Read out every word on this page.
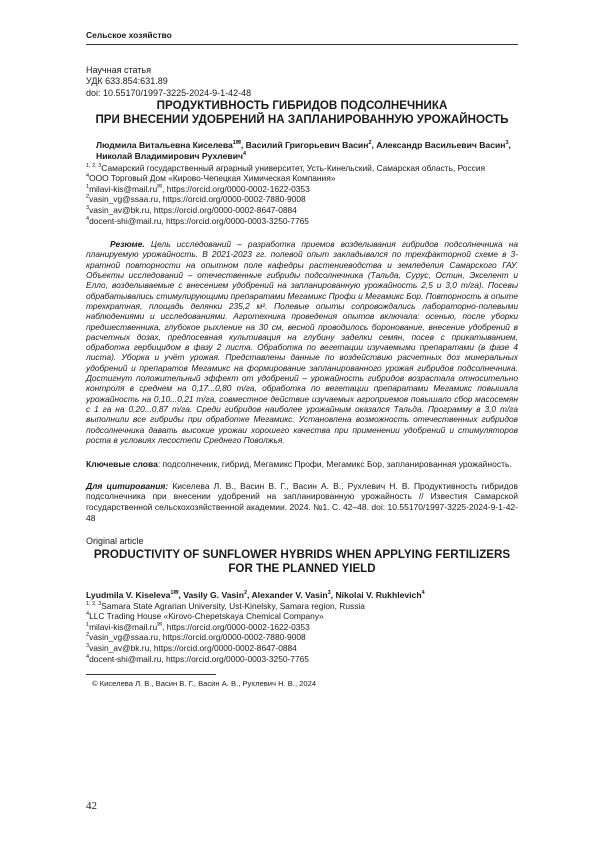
Сельское хозяйство

Научная статья

УДК 633.854:631.89

doi: 10.55170/1997-3225-2024-9-1-42-48

ПРОДУКТИВНОСТЬ ГИБРИДОВ ПОДСОЛНЕЧНИКА

ПРИ ВНЕСЕНИИ УДОБРЕНИЙ НА ЗАПЛАНИРОВАННУЮ УРОЖАЙНОСТЬ

Людмила Витальевна Киселева$^{1✉}$, Василий Григорьевич Васин$^2$, Александр Васильевич Васин$^3$, Николай Владимирович Рухлевич$^4$

$^{1, 2, 3}$Самарский государственный аграрный университет, Усть-Кинельский, Самарская область, Россия

$^4$ООО Торговый Дом «Кирово-Чепецкая Химическая Компания»

$^1$milavi-kis@mail.ru✉, https://orcid.org/0000-0002-1622-0353

$^2$vasin_vg@ssaa.ru, https://orcid.org/0000-0002-7880-9008

$^3$vasin_av@bk.ru, https://orcid.org/0000-0002-8647-0884

$^4$docent-shi@mail.ru, https://orcid.org/0000-0003-3250-7765

Резюме. Цель исследований – разработка приемов возделывания гибридов подсолнечника на планируемую урожайность. В 2021-2023 гг. полевой опыт закладывался по трехфакторной схеме в 3-кратной повторности на опытном поле кафедры растениеводства и земледелия Самарского ГАУ. Объекты исследований – отечественные гибриды подсолнечника (Тальда, Сурус, Остин, Экселент и Елло, возделываемые с внесением удобрений на запланированную урожайность 2,5 и 3,0 т/га). Посевы обрабатывались стимулирующими препаратами Мегамикс Профи и Мегамикс Бор. Повторность в опыте трехкратная, площадь делянки 235,2 м². Полевые опыты сопровождались лабораторно-полевыми наблюдениями и исследованиями. Агротехника проведения опытов включала: осенью, после уборки предшественника, глубокое рыхление на 30 см, весной проводилось боронование, внесение удобрений в расчетных дозах, предпосевная культивация на глубину заделки семян, посев с прикатыванием, обработка гербицидом в фазу 2 листа. Обработка по вегетации изучаемыми препаратами (в фазе 4 листа). Уборка и учёт урожая. Представлены данные по воздействию расчетных доз минеральных удобрений и препаратов Мегамикс на формирование запланированного урожая гибридов подсолнечника. Достигнут положительный эффект от удобрений – урожайность гибридов возрастала относительно контроля в среднем на 0,17...0,80 т/га, обработка по вегетации препаратами Мегамикс повышала урожайность на 0,10...0,21 т/га, совместное действие изучаемых агроприемов повышало сбор масосемян с 1 га на 0,20...0,87 т/га. Среди гибридов наиболее урожайным оказался Тальда. Программу в 3,0 т/га выполнили все гибриды при обработке Мегамикс. Установлена возможность отечественных гибридов подсолнечника давать высокие урожаи хорошего качества при применении удобрений и стимуляторов роста в условиях лесостепи Среднего Поволжья.

Ключевые слова: подсолнечник, гибрид, Мегамикс Профи, Мегамикс Бор, запланированная урожайность.

Для цитирования: Киселева Л. В., Васин В. Г., Васин А. В., Рухлевич Н. В. Продуктивность гибридов подсолнечника при внесении удобрений на запланированную урожайность // Известия Самарской государственной сельскохозяйственной академии. 2024. №1. С. 42–48. doi: 10.55170/1997-3225-2024-9-1-42-48

Original article

PRODUCTIVITY OF SUNFLOWER HYBRIDS WHEN APPLYING FERTILIZERS

FOR THE PLANNED YIELD

Lyudmila V. Kiseleva$^{1✉}$, Vasily G. Vasin$^2$, Alexander V. Vasin$^3$, Nikolai V. Rukhlevich$^4$

$^{1, 2, 3}$Samara State Agrarian University, Ust-Kinelsky, Samara region, Russia

$^4$LLC Trading House «Kirovo-Chepetskaya Chemical Company»

$^1$milavi-kis@mail.ru✉, https://orcid.org/0000-0002-1622-0353

$^2$vasin_vg@ssaa.ru, https://orcid.org/0000-0002-7880-9008

$^3$vasin_av@bk.ru, https://orcid.org/0000-0002-8647-0884

$^4$docent-shi@mail.ru, https://orcid.org/0000-0003-3250-7765

© Киселева Л. В., Васин В. Г., Васин А. В., Рухлевич Н. В., 2024

42
